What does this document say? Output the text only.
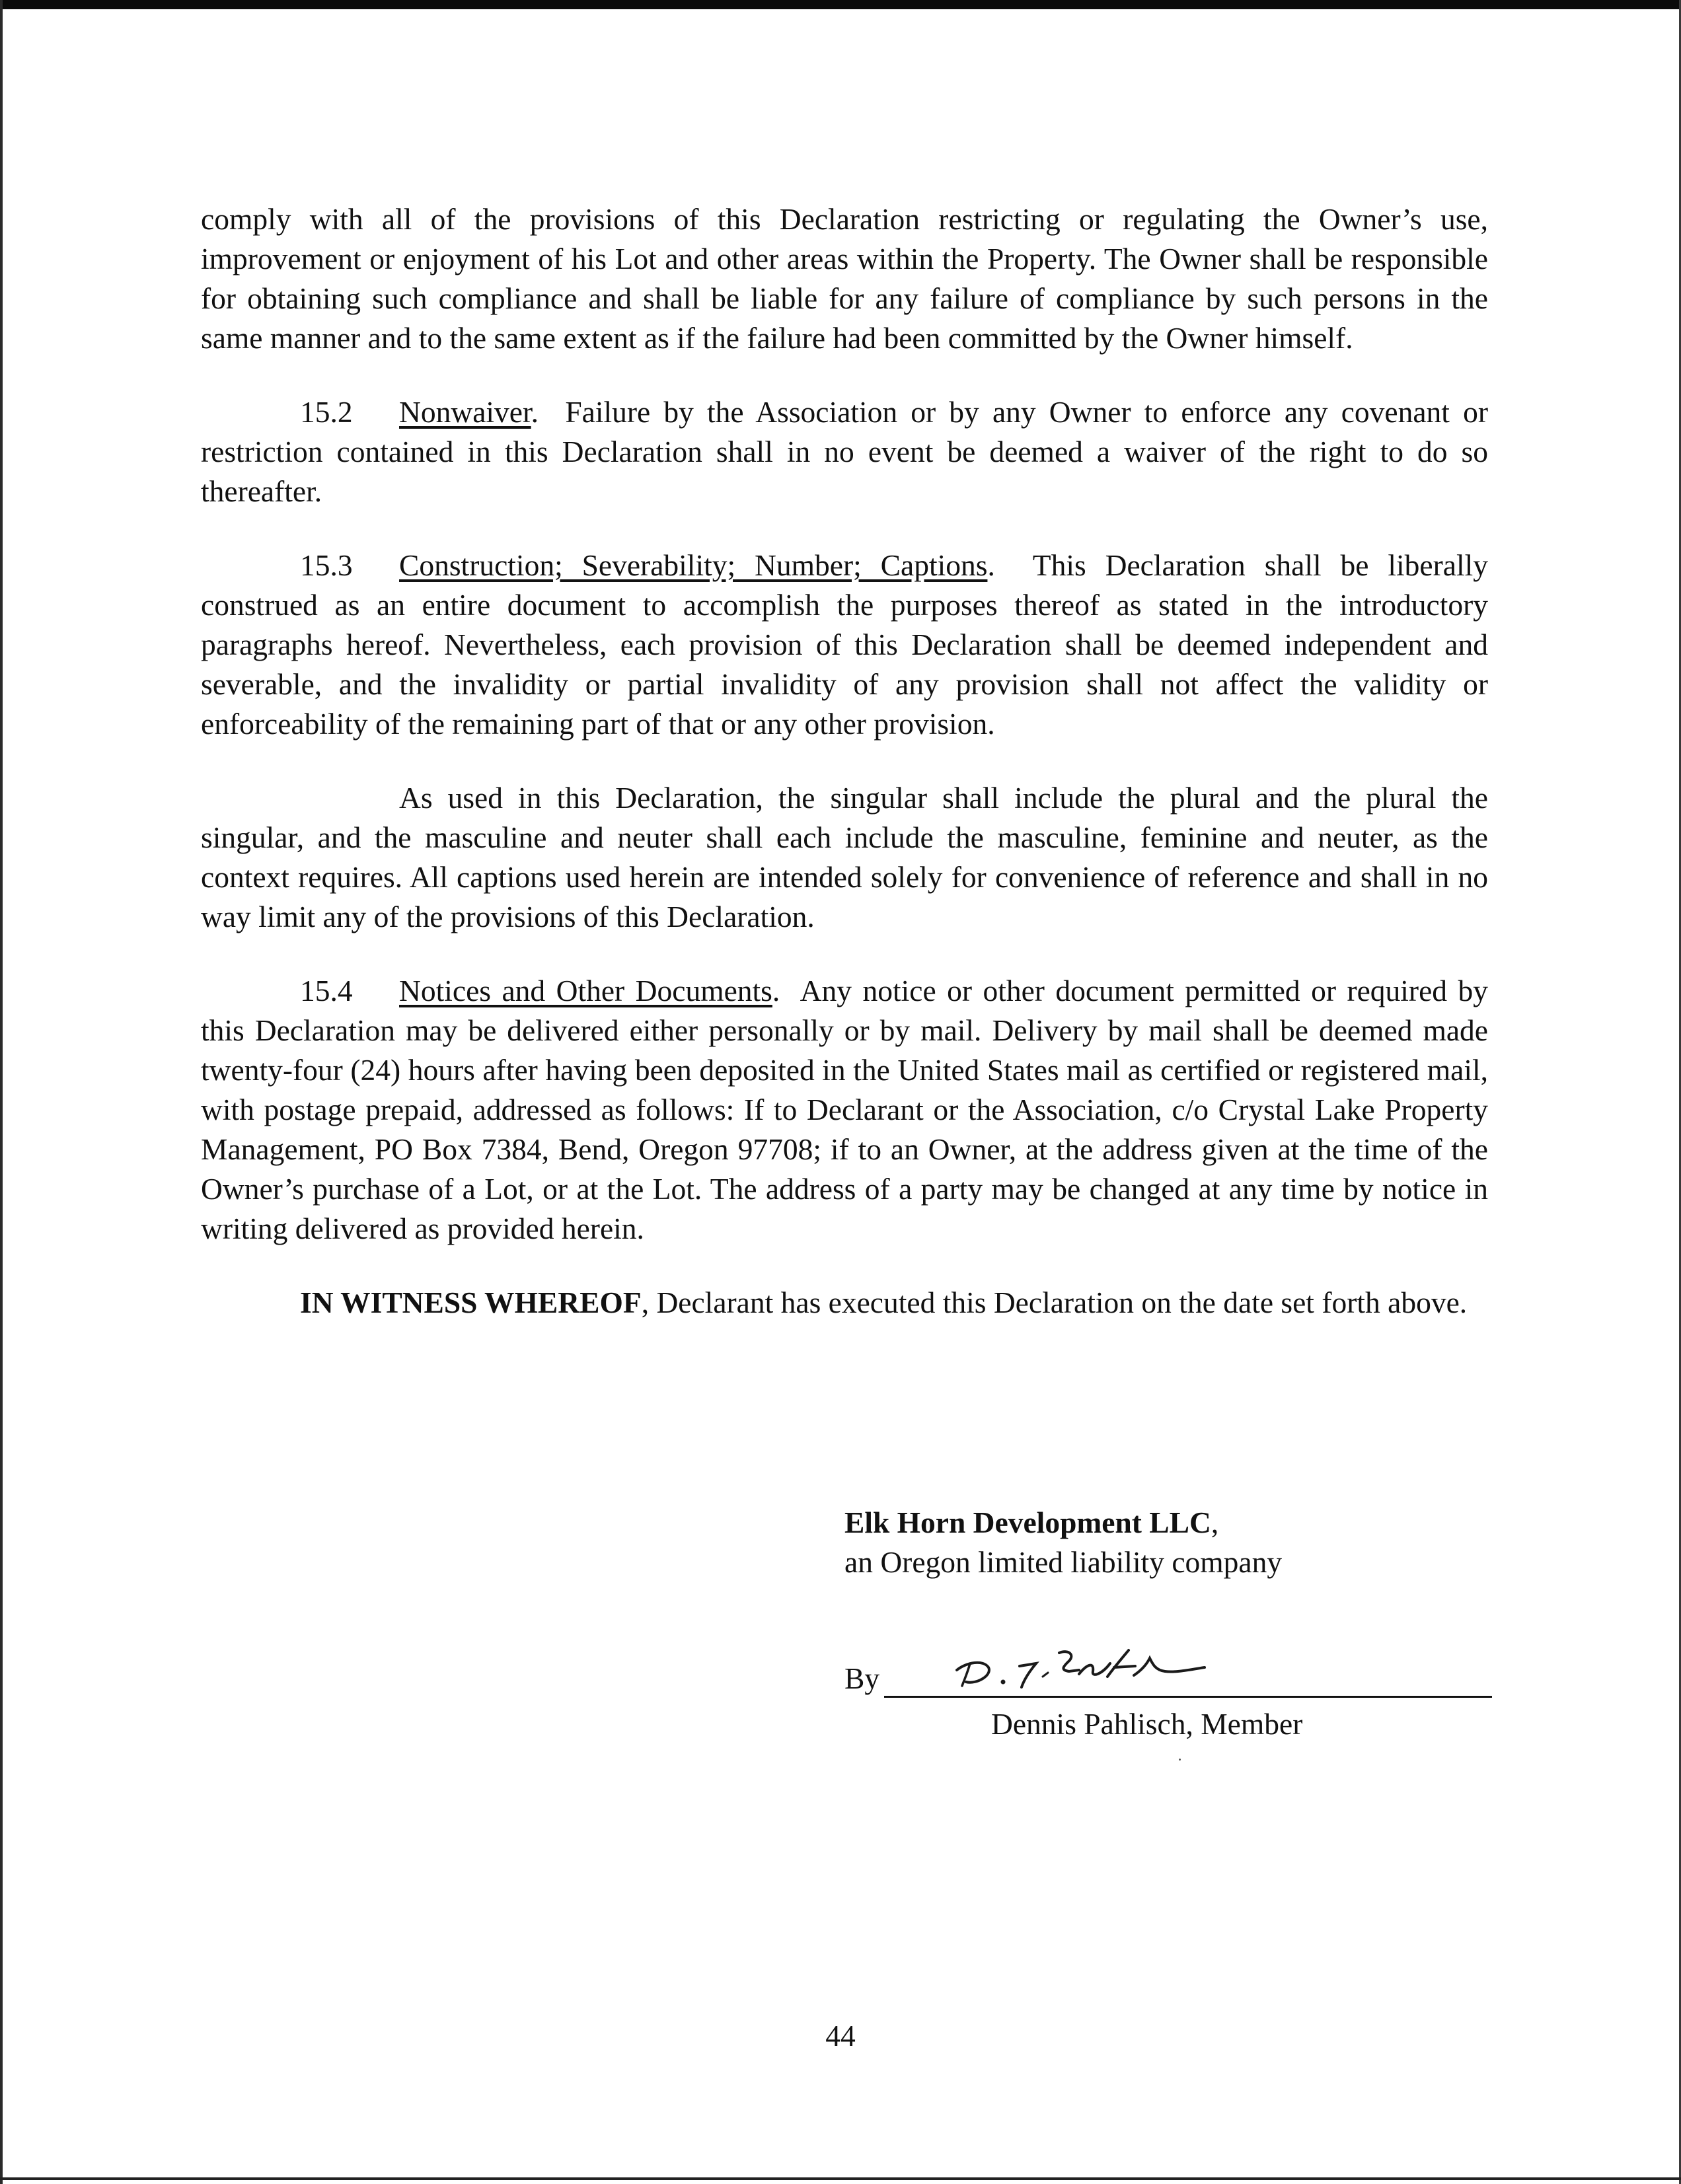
comply with all of the provisions of this Declaration restricting or regulating the Owner’s use, improvement or enjoyment of his Lot and other areas within the Property. The Owner shall be responsible for obtaining such compliance and shall be liable for any failure of compliance by such persons in the same manner and to the same extent as if the failure had been committed by the Owner himself.

15.2 Nonwaiver.  Failure by the Association or by any Owner to enforce any covenant or restriction contained in this Declaration shall in no event be deemed a waiver of the right to do so thereafter.

15.3 Construction; Severability; Number; Captions.  This Declaration shall be liberally construed as an entire document to accomplish the purposes thereof as stated in the introductory paragraphs hereof. Nevertheless, each provision of this Declaration shall be deemed independent and severable, and the invalidity or partial invalidity of any provision shall not affect the validity or enforceability of the remaining part of that or any other provision.

As used in this Declaration, the singular shall include the plural and the plural the singular, and the masculine and neuter shall each include the masculine, feminine and neuter, as the context requires. All captions used herein are intended solely for convenience of reference and shall in no way limit any of the provisions of this Declaration.

15.4 Notices and Other Documents.  Any notice or other document permitted or required by this Declaration may be delivered either personally or by mail. Delivery by mail shall be deemed made twenty-four (24) hours after having been deposited in the United States mail as certified or registered mail, with postage prepaid, addressed as follows: If to Declarant or the Association, c/o Crystal Lake Property Management, PO Box 7384, Bend, Oregon 97708; if to an Owner, at the address given at the time of the Owner’s purchase of a Lot, or at the Lot. The address of a party may be changed at any time by notice in writing delivered as provided herein.

IN WITNESS WHEREOF, Declarant has executed this Declaration on the date set forth above.

Elk Horn Development LLC,
an Oregon limited liability company
By
Dennis Pahlisch, Member
44
